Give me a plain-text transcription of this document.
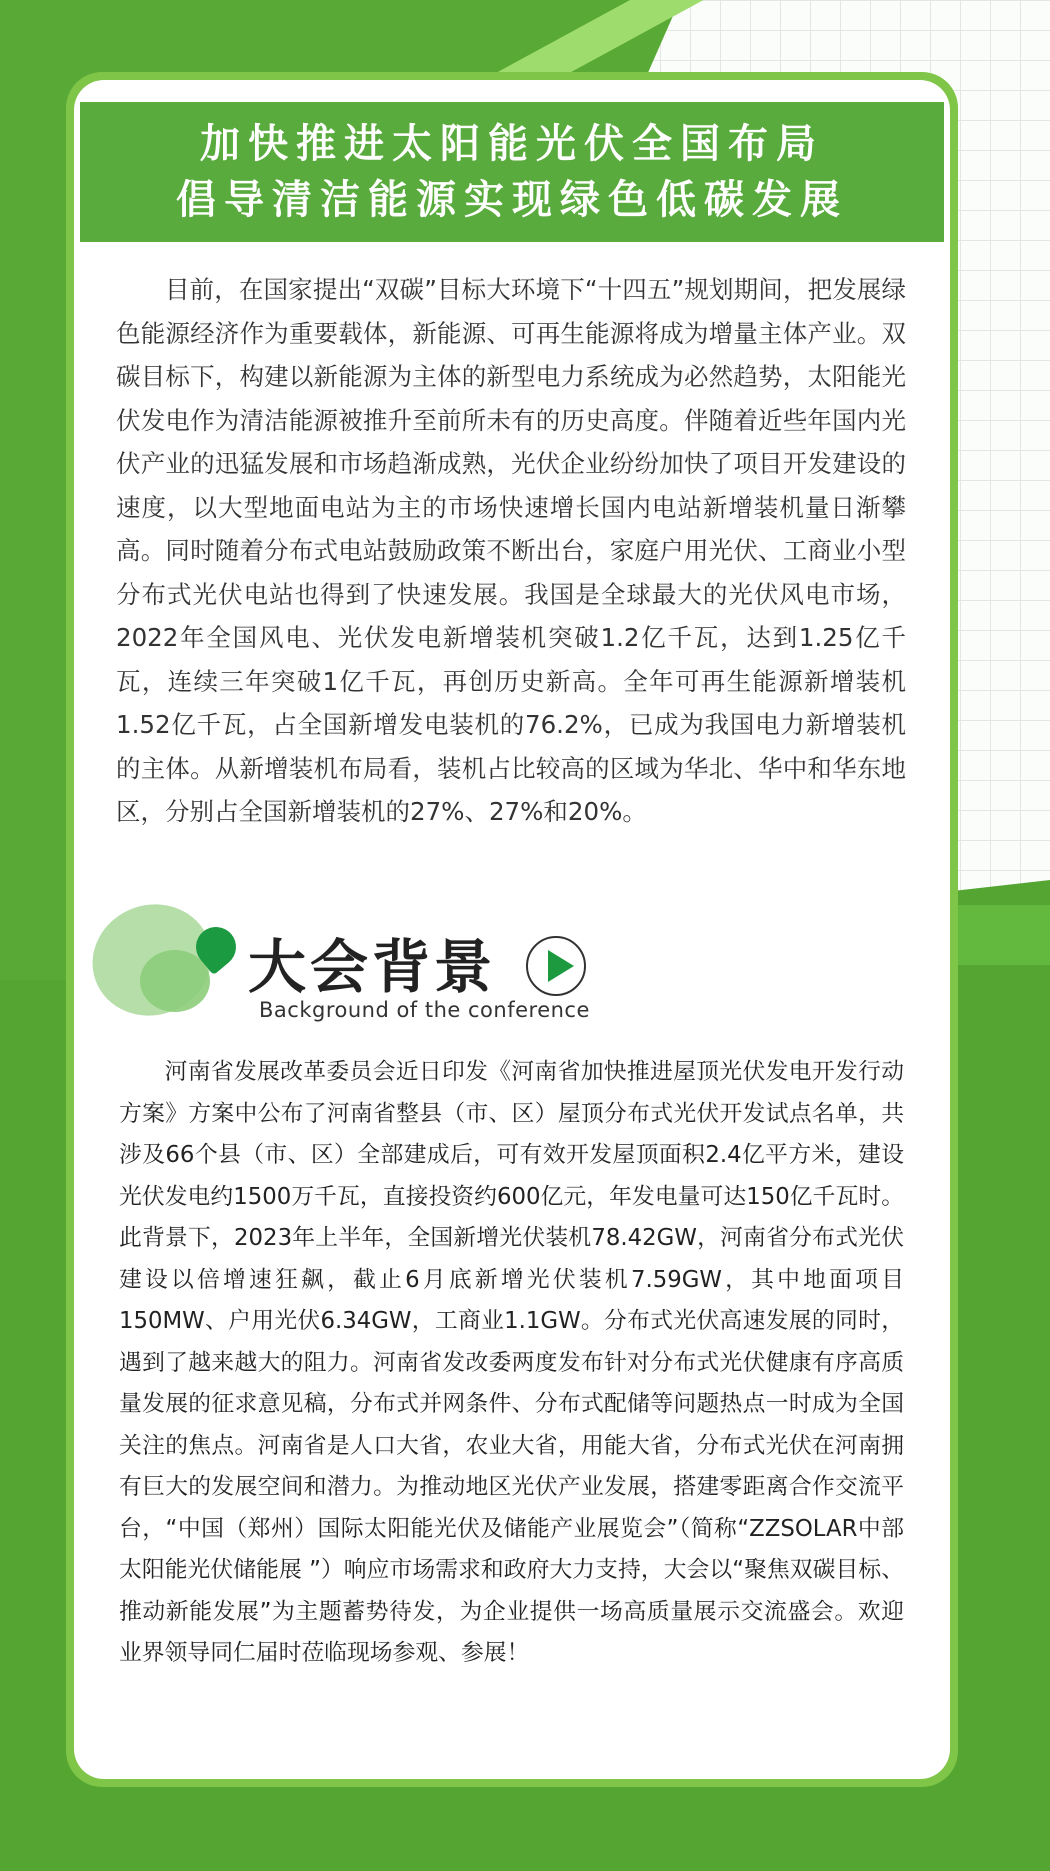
加快推进太阳能光伏全国布局
倡导清洁能源实现绿色低碳发展

目前，在国家提出“双碳”目标大环境下“十四五”规划期间，把发展绿色能源经济作为重要载体，新能源、可再生能源将成为增量主体产业。双碳目标下，构建以新能源为主体的新型电力系统成为必然趋势，太阳能光伏发电作为清洁能源被推升至前所未有的历史高度。伴随着近些年国内光伏产业的迅猛发展和市场趋渐成熟，光伏企业纷纷加快了项目开发建设的速度，以大型地面电站为主的市场快速增长国内电站新增装机量日渐攀高。同时随着分布式电站鼓励政策不断出台，家庭户用光伏、工商业小型分布式光伏电站也得到了快速发展。我国是全球最大的光伏风电市场，2022年全国风电、光伏发电新增装机突破1.2亿千瓦，达到1.25亿千瓦，连续三年突破1亿千瓦，再创历史新高。全年可再生能源新增装机1.52亿千瓦，占全国新增发电装机的76.2%，已成为我国电力新增装机的主体。从新增装机布局看，装机占比较高的区域为华北、华中和华东地区，分别占全国新增装机的27%、27%和20%。

河南省发展改革委员会近日印发《河南省加快推进屋顶光伏发电开发行动方案》方案中公布了河南省整县（市、区）屋顶分布式光伏开发试点名单，共涉及66个县（市、区）全部建成后，可有效开发屋顶面积2.4亿平方米，建设光伏发电约1500万千瓦，直接投资约600亿元，年发电量可达150亿千瓦时。此背景下，2023年上半年，全国新增光伏装机78.42GW，河南省分布式光伏建设以倍增速狂飙，截止6月底新增光伏装机7.59GW，其中地面项目150MW、户用光伏6.34GW，工商业1.1GW。分布式光伏高速发展的同时，遇到了越来越大的阻力。河南省发改委两度发布针对分布式光伏健康有序高质量发展的征求意见稿，分布式并网条件、分布式配储等问题热点一时成为全国关注的焦点。河南省是人口大省，农业大省，用能大省，分布式光伏在河南拥有巨大的发展空间和潜力。为推动地区光伏产业发展，搭建零距离合作交流平台，“中国（郑州）国际太阳能光伏及储能产业展览会”（简称“ZZSOLAR中部太阳能光伏储能展 ”）响应市场需求和政府大力支持，大会以“聚焦双碳目标、推动新能发展”为主题蓄势待发，为企业提供一场高质量展示交流盛会。欢迎业界领导同仁届时莅临现场参观、参展！

大会背景
Background of the conference
